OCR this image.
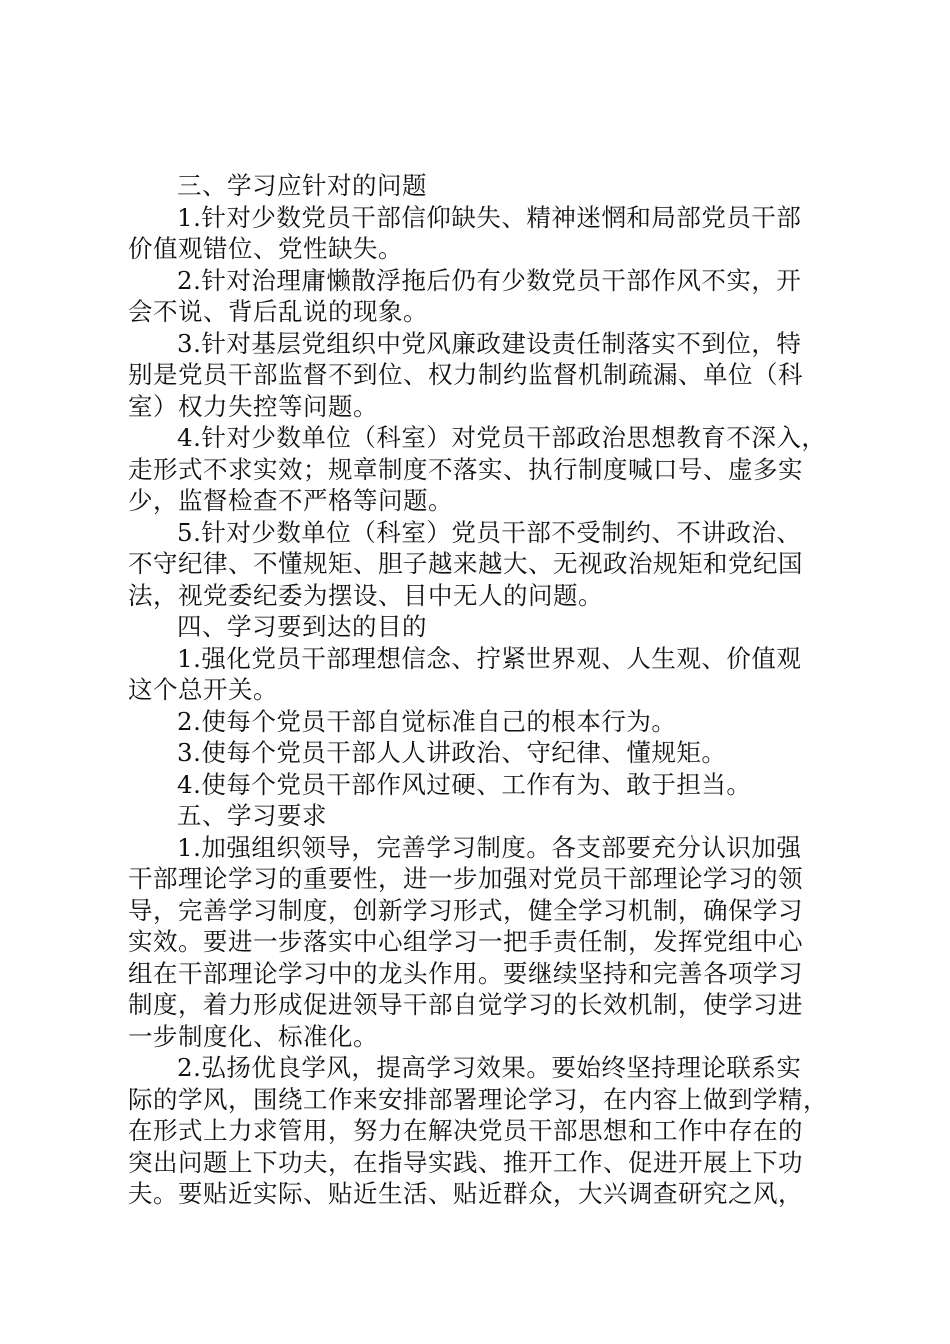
三、学习应针对的问题
1.针对少数党员干部信仰缺失、精神迷惘和局部党员干部
价值观错位、党性缺失。
2.针对治理庸懒散浮拖后仍有少数党员干部作风不实，开
会不说、背后乱说的现象。
3.针对基层党组织中党风廉政建设责任制落实不到位，特
别是党员干部监督不到位、权力制约监督机制疏漏、单位（科
室）权力失控等问题。
4.针对少数单位（科室）对党员干部政治思想教育不深入，
走形式不求实效；规章制度不落实、执行制度喊口号、虚多实
少，监督检查不严格等问题。
5.针对少数单位（科室）党员干部不受制约、不讲政治、
不守纪律、不懂规矩、胆子越来越大、无视政治规矩和党纪国
法，视党委纪委为摆设、目中无人的问题。
四、学习要到达的目的
1.强化党员干部理想信念、拧紧世界观、人生观、价值观
这个总开关。
2.使每个党员干部自觉标准自己的根本行为。
3.使每个党员干部人人讲政治、守纪律、懂规矩。
4.使每个党员干部作风过硬、工作有为、敢于担当。
五、学习要求
1.加强组织领导，完善学习制度。各支部要充分认识加强
干部理论学习的重要性，进一步加强对党员干部理论学习的领
导，完善学习制度，创新学习形式，健全学习机制，确保学习
实效。要进一步落实中心组学习一把手责任制，发挥党组中心
组在干部理论学习中的龙头作用。要继续坚持和完善各项学习
制度，着力形成促进领导干部自觉学习的长效机制，使学习进
一步制度化、标准化。
2.弘扬优良学风，提高学习效果。要始终坚持理论联系实
际的学风，围绕工作来安排部署理论学习，在内容上做到学精，
在形式上力求管用，努力在解决党员干部思想和工作中存在的
突出问题上下功夫，在指导实践、推开工作、促进开展上下功
夫。要贴近实际、贴近生活、贴近群众，大兴调查研究之风，
